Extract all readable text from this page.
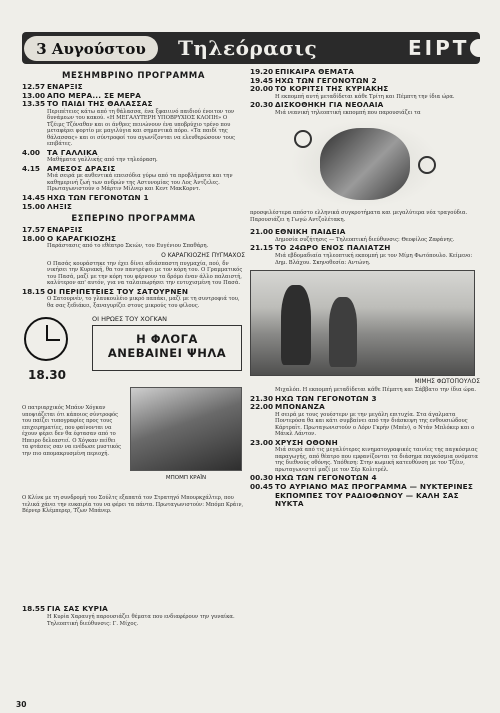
3 Αυγούστου	Τηλεόρασις	ΕΙΡΤ
ΜΕΣΗΜΒΡΙΝΟ ΠΡΟΓΡΑΜΜΑ
12.57 ΕΝΑΡΞΙΣ
13.00 ΑΠΟ ΜΕΡΑ... ΣΕ ΜΕΡΑ
13.35 ΤΟ ΠΑΙΔΙ ΤΗΣ ΘΑΛΑΣΣΑΣ
Περιπέτειες κάτω από τη θάλασσα, ένα ξφαιιινό παιδιού ένοιτον τον δυνάμεων του κακού. «Η ΜΕΓΑΛΥΤΕΡΗ ΥΠΟΒΡΥΧΙΟΣ ΚΛΟΠΗ» Ο Τζέιμς Τζόναθαν και οι άνθρες πεινώνουν ένα υποβρύχιο τρένο που μεταφέρει φορτίο με μαγιλύγια και σημαντικά πόρο. «Τα παιδί της θάλασσας» και οι σύντροφοί του αγωνίζονται να ελευθερώσουν τους επιβάτες.
4.00 ΤΑ ΓΑΛΛΙΚΑ
Μαθήματα γαλλικής από την τηλεόραση.
4.15 ΑΜΕΣΟΣ ΔΡΑΣΙΣ
Μιά σειρά με αυθεντικά επεισόδια γύρω από τα προβλήματα και την καθημερινή ζωή των ανδρών της Αστυνομίας του Λος Άντζελες. Πρωταγωνιστούν ο Μάρτιν Μίλνερ και Κεντ ΜακΚορντ.
14.45 ΗΧΩ ΤΩΝ ΓΕΓΟΝΟΤΩΝ 1
15.00 ΛΗΞΙΣ
ΕΣΠΕΡΙΝΟ ΠΡΟΓΡΑΜΜΑ
17.57 ΕΝΑΡΞΙΣ
18.00 Ο ΚΑΡΑΓΚΙΟΖΗΣ
Παράστασις από το εθέατρο Σκιών, του Ευγένιου Σπαθάρη.
Ο ΚΑΡΑΓΚΙΟΖΗΣ ΠΥΓΜΑΧΟΣ
Ο Πασάς κουράστηκε την έχει δίνει αδιάσπαστη πυγμαχία, πού, δν νικήσει την Κυριακή, θα τον παντρέψει με τον κόρη του. Ο Γραμματικός του Πασά, μαζί με την κόρη του φέρνουν τα δρόμο έναν άλλο παλαιστή, καλύτερον απ' αυτόν, για να ταλαιπωρήσει την ευτυχισμένη του Πασά.
18.15 ΟΙ ΠΕΡΙΠΕΤΕΙΕΣ ΤΟΥ ΣΑΤΟΥΡΝΕΝ
Ο Σατουρνέν, το γλαυκουλέιο μικρό παπάκι, μαζί με τη συντροφιά του, θα σας ξεδιάκει, ξαναγυρίζει στους μικρούς του φίλους.
ΟΙ ΗΡΩΕΣ ΤΟΥ ΧΟΓΚΑΝ
Η ΦΛΟΓΑ
ΑΝΕΒΑΙΝΕΙ ΨΗΛΑ
18.30
Ο πατριαρχικός Μπάυν Χόγκαν υποψιάζεται ότι κάποιος σύντροφός του παίζει τυπογραφίες προς τους επιχειρηματίες, που φαίνονται να έχουν φέρει δεν θα έφτασαν από το Ηπειρο δελεαστεί. Ο Χόγκαν πείθει τα φτάσεις σαν να ενέδωσε μυστικός την πιο απομακρυσμένη περιοχή.
ΜΠΟΜΠ ΚΡΑΪΝ
Ο Κλίνκ με τη συνδρομή του Σούλτς εξαπατά τον Στρατηγό Μπουρκχάλτερ, που τελικά χάνει την ευκαιρία του να φέρει τα πάντα. Πρωταγωνιστούν: Μπόμπ Κράιν, Βέρνερ Κλέμπερερ, Τζων Μπάνερ.
18.55 ΓΙΑ ΣΑΣ ΚΥΡΙΑ
Η Κυρία Χαραυγή παρουσιάζει θέματα που ενδιαφέρουν την γυναίκα. Τηλεοπτική διεύθυνσις: Γ. Μίχος.
19.20 ΕΠΙΚΑΙΡΑ ΘΕΜΑΤΑ
19.45 ΗΧΩ ΤΩΝ ΓΕΓΟΝΟΤΩΝ 2
20.00 ΤΟ ΚΟΡΙΤΣΙ ΤΗΣ ΚΥΡΙΑΚΗΣ
Η εκπομπή αυτή μεταδίδεται κάθε Τρίτη και Πέμπτη την ίδια ώρα.
20.30 ΔΙΣΚΟΘΗΚΗ ΓΙΑ ΝΕΟΛΑΙΑ
Μιά νεανική τηλεοπτική εκπομπή που παρουσιάζει τα
προσφιλέστερα απόστο ελληνικά συγκροτήματα και μεγαλύτερα νέα τραγούδια. Παρουσιάζει η Γωγώ Αντζολέτακη.
21.00 ΕΘΝΙΚΗ ΠΑΙΔΕΙΑ
Δημοσία συζήτησις — Τηλεοπτική διεύθυνσις: Θεοφίλος Ζαφάνης.
21.15 ΤΟ 24ΩΡΟ ΕΝΟΣ ΠΑΛΙΑΤΖΗ
Μιά εβδομαδιαία τηλεοπτική εκπομπή με τον Μίμη Φωτόπουλο. Κείμενο: Δημ. Βλάχου. Σκηνοθεσία: Αντώνη.
ΜΙΜΗΣ ΦΩΤΟΠΟΥΛΟΣ
Μιχαλόπ. Η εκπομπή μεταδίδεται κάθε Πέμπτη και Σάββατο την ίδια ώρα.
21.30 ΗΧΩ ΤΩΝ ΓΕΓΟΝΟΤΩΝ 3
22.00 ΜΠΟΝΑΝΖΑ
Η σειρά με τους γουέστερν με την μεγάλη επιτυχία. Στα άγαλματα Ποντερόσα θα και κάτι συμβαίνει από την διάσκεψη της ενθουσιώδους Κάρτραϊτ. Πρωταγωνιστούν ο Λόρν Γκρήν (Μπέν), ο Ντάν Μπλόκερ και ο Μάικλ Λάντον.
23.00 ΧΡΥΣΗ ΟΘΟΝΗ
Μιά σειρά από τις μεγαλύτερες κινηματογραφικές ταινίες της παγκόσμιας παραγωγής, από θέατρο που εμφανίζονται τα διάσημα παγκόσμια ονόματα της διεθνούς οθόνης. Υπόθεση: Στην κωμική κατευθύνση με τον Τζέιν, πρωταγωνιστεί μαζί με τον Σέρ Κολιτρέλ.
00.30 ΗΧΩ ΤΩΝ ΓΕΓΟΝΟΤΩΝ 4
00.45 ΤΟ ΑΥΡΙΑΝΟ ΜΑΣ ΠΡΟΓΡΑΜΜΑ — ΝΥΚΤΕΡΙΝΕΣ ΕΚΠΟΜΠΕΣ ΤΟΥ ΡΑΔΙΟΦΩΝΟΥ — ΚΑΛΗ ΣΑΣ ΝΥΚΤΑ
30
